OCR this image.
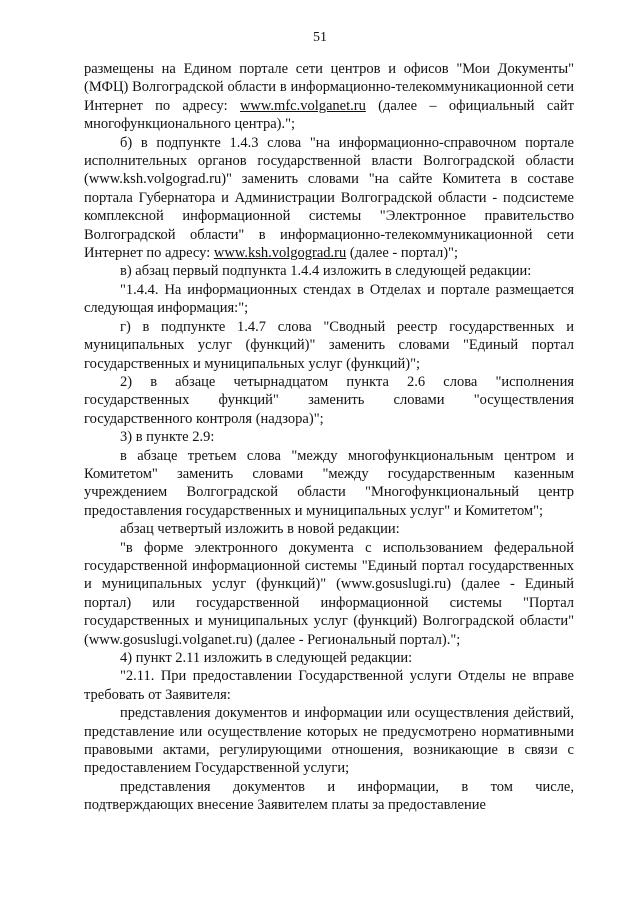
51

размещены на Едином портале сети центров и офисов "Мои Документы" (МФЦ) Волгоградской области в информационно-телекоммуникационной сети Интернет по адресу: www.mfc.volganet.ru (далее – официальный сайт многофункционального центра).";

б) в подпункте 1.4.3 слова "на информационно-справочном портале исполнительных органов государственной власти Волгоградской области (www.ksh.volgograd.ru)" заменить словами "на сайте Комитета в составе портала Губернатора и Администрации Волгоградской области - подсистеме комплексной информационной системы "Электронное правительство Волгоградской области" в информационно-телекоммуникационной сети Интернет по адресу: www.ksh.volgograd.ru (далее - портал)";

в) абзац первый подпункта 1.4.4 изложить в следующей редакции:

"1.4.4. На информационных стендах в Отделах и портале размещается следующая информация:";

г) в подпункте 1.4.7 слова "Сводный реестр государственных и муниципальных услуг (функций)" заменить словами "Единый портал государственных и муниципальных услуг (функций)";

2) в абзаце четырнадцатом пункта 2.6 слова "исполнения государственных функций" заменить словами "осуществления государственного контроля (надзора)";

3) в пункте 2.9:

в абзаце третьем слова "между многофункциональным центром и Комитетом" заменить словами "между государственным казенным учреждением Волгоградской области "Многофункциональный центр предоставления государственных и муниципальных услуг" и Комитетом";

абзац четвертый изложить в новой редакции:

"в форме электронного документа с использованием федеральной государственной информационной системы "Единый портал государственных и муниципальных услуг (функций)" (www.gosuslugi.ru) (далее - Единый портал) или государственной информационной системы "Портал государственных и муниципальных услуг (функций) Волгоградской области" (www.gosuslugi.volganet.ru) (далее - Региональный портал).";

4) пункт 2.11 изложить в следующей редакции:

"2.11. При предоставлении Государственной услуги Отделы не вправе требовать от Заявителя:

представления документов и информации или осуществления действий, представление или осуществление которых не предусмотрено нормативными правовыми актами, регулирующими отношения, возникающие в связи с предоставлением Государственной услуги;

представления документов и информации, в том числе, подтверждающих внесение Заявителем платы за предоставление
